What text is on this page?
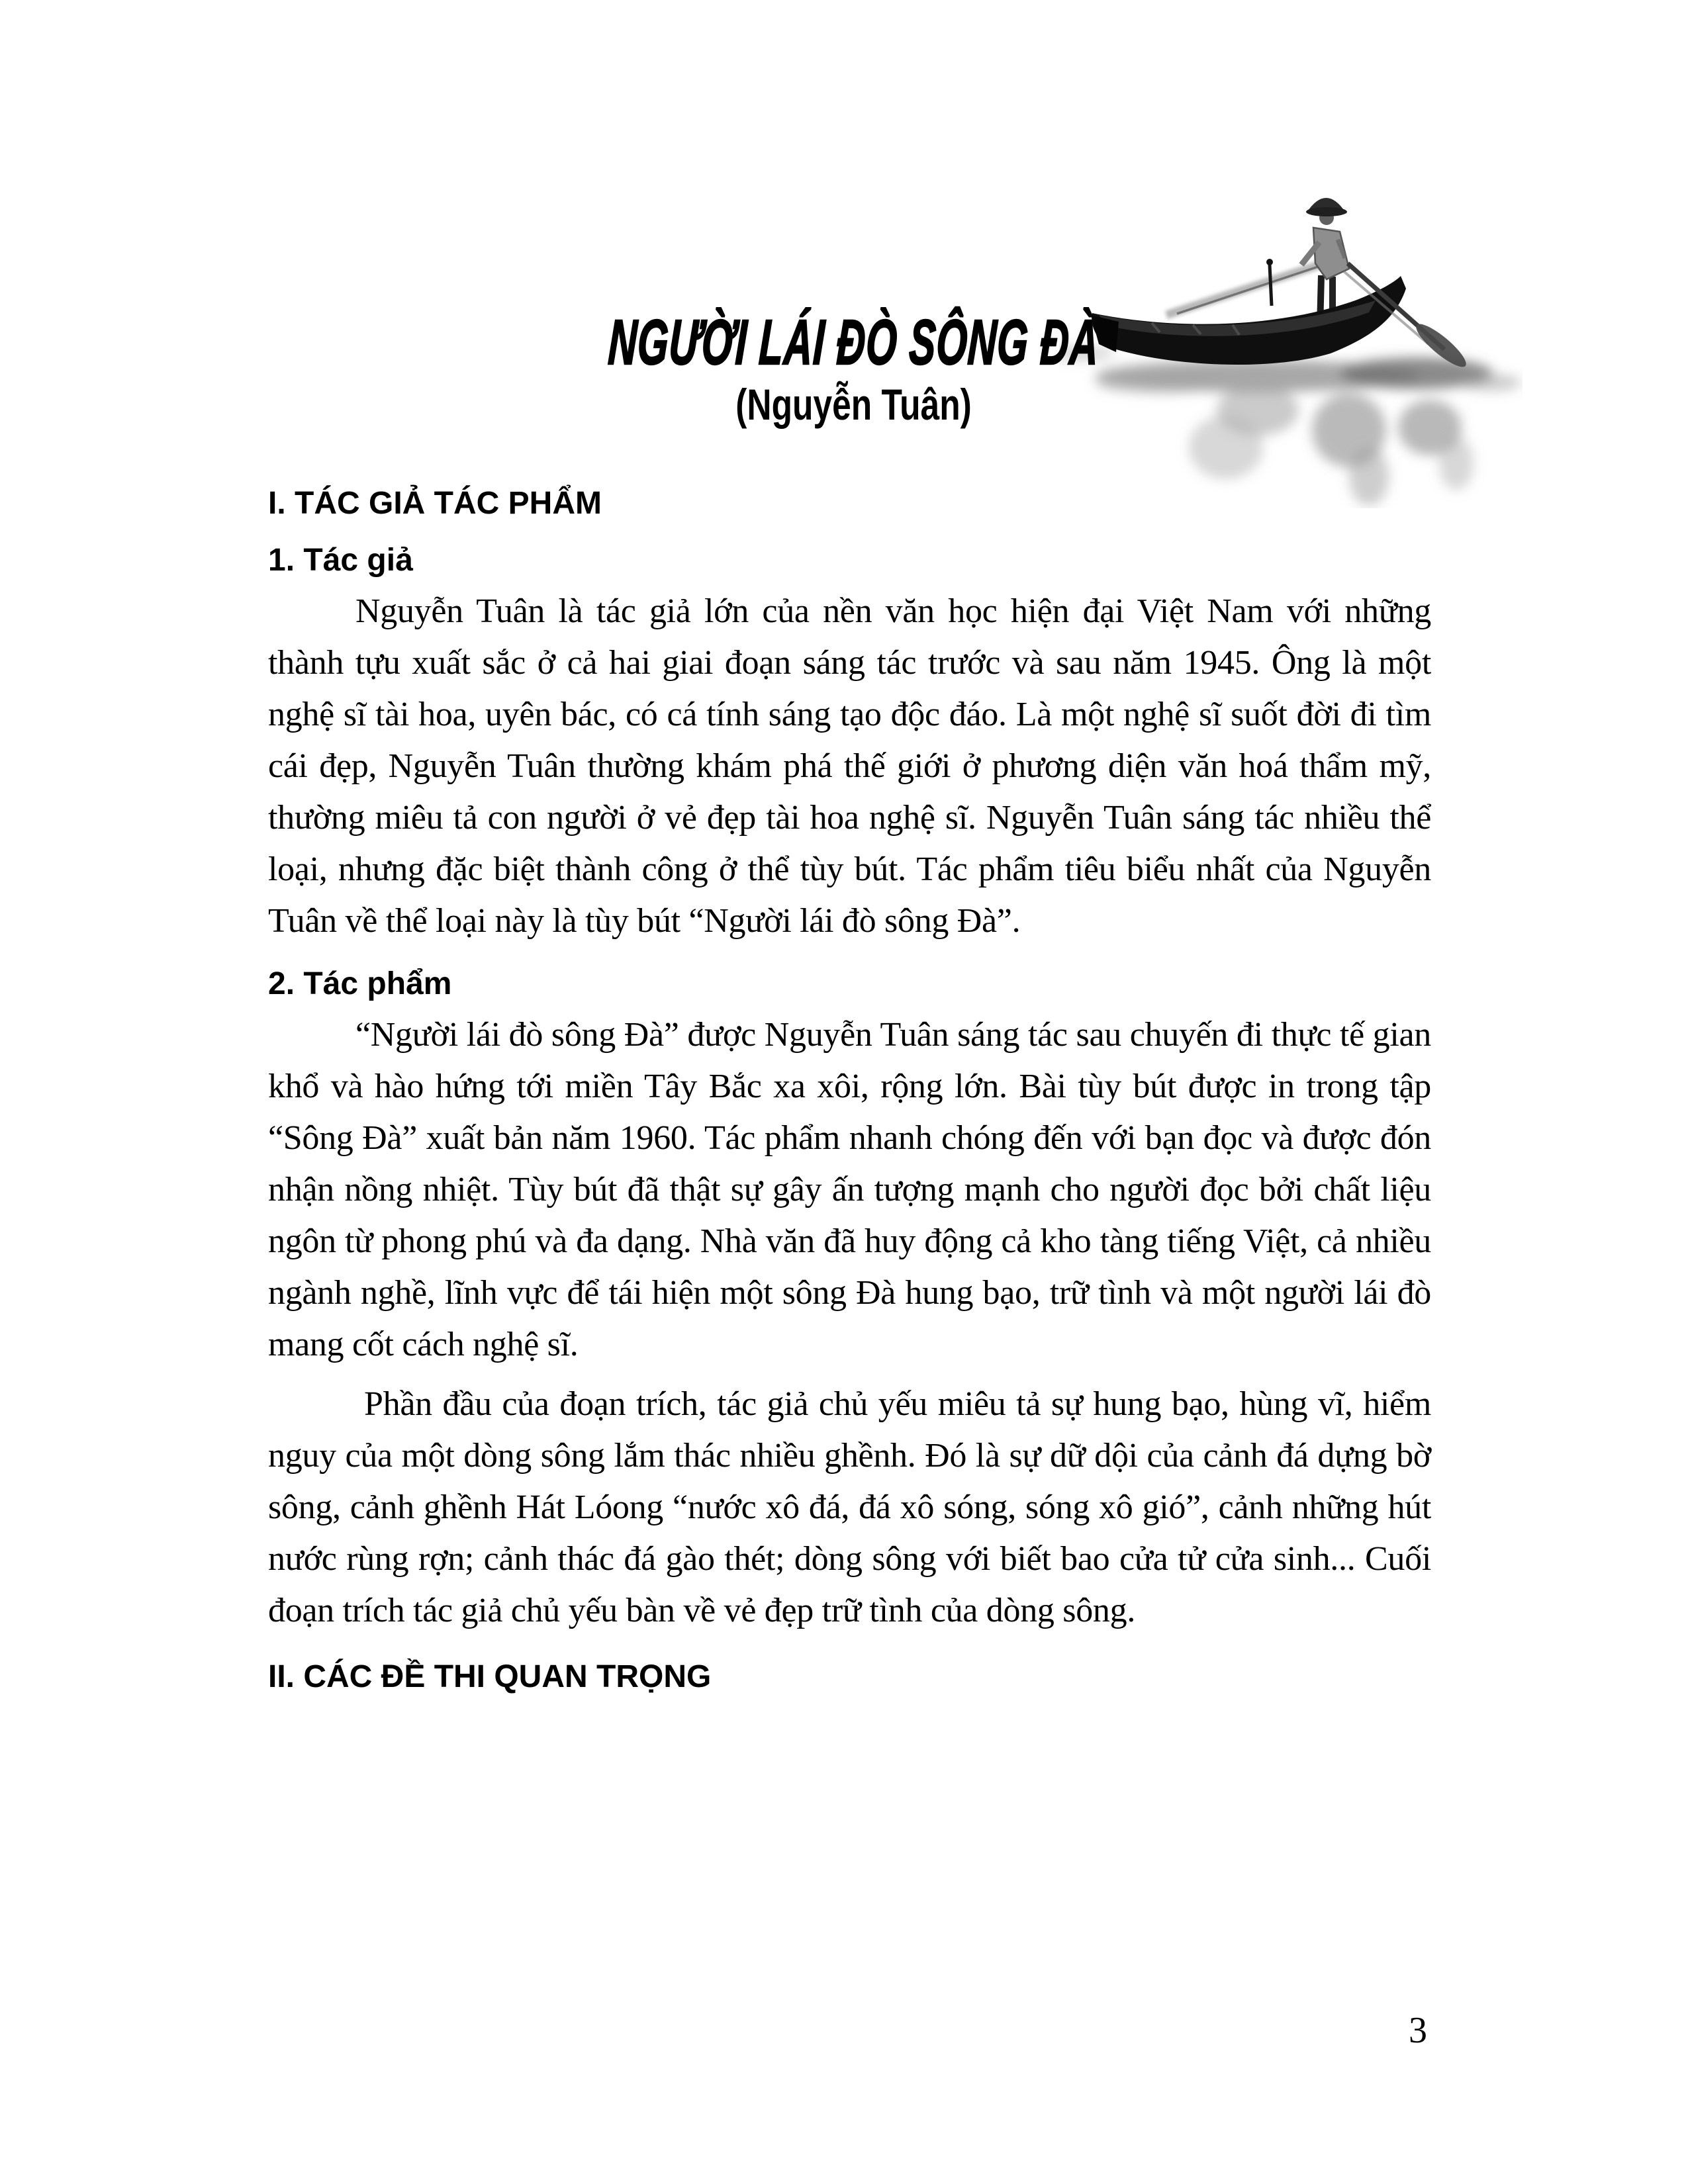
NGƯỜI LÁI ĐÒ SÔNG ĐÀ
(Nguyễn Tuân)
I. TÁC GIẢ TÁC PHẨM
1. Tác giả

Nguyễn Tuân là tác giả lớn của nền văn học hiện đại Việt Nam với những thành tựu xuất sắc ở cả hai giai đoạn sáng tác trước và sau năm 1945. Ông là một nghệ sĩ tài hoa, uyên bác, có cá tính sáng tạo độc đáo. Là một nghệ sĩ suốt đời đi tìm cái đẹp, Nguyễn Tuân thường khám phá thế giới ở phương diện văn hoá thẩm mỹ, thường miêu tả con người ở vẻ đẹp tài hoa nghệ sĩ. Nguyễn Tuân sáng tác nhiều thể loại, nhưng đặc biệt thành công ở thể tùy bút. Tác phẩm tiêu biểu nhất của Nguyễn Tuân về thể loại này là tùy bút “Người lái đò sông Đà”.

2. Tác phẩm

“Người lái đò sông Đà” được Nguyễn Tuân sáng tác sau chuyến đi thực tế gian khổ và hào hứng tới miền Tây Bắc xa xôi, rộng lớn. Bài tùy bút được in trong tập “Sông Đà” xuất bản năm 1960. Tác phẩm nhanh chóng đến với bạn đọc và được đón nhận nồng nhiệt. Tùy bút đã thật sự gây ấn tượng mạnh cho người đọc bởi chất liệu ngôn từ phong phú và đa dạng. Nhà văn đã huy động cả kho tàng tiếng Việt, cả nhiều ngành nghề, lĩnh vực để tái hiện một sông Đà hung bạo, trữ tình và một người lái đò mang cốt cách nghệ sĩ.

Phần đầu của đoạn trích, tác giả chủ yếu miêu tả sự hung bạo, hùng vĩ, hiểm nguy của một dòng sông lắm thác nhiều ghềnh. Đó là sự dữ dội của cảnh đá dựng bờ sông, cảnh ghềnh Hát Lóong “nước xô đá, đá xô sóng, sóng xô gió”, cảnh những hút nước rùng rợn; cảnh thác đá gào thét; dòng sông với biết bao cửa tử cửa sinh... Cuối đoạn trích tác giả chủ yếu bàn về vẻ đẹp trữ tình của dòng sông.

II. CÁC ĐỀ THI QUAN TRỌNG
3
